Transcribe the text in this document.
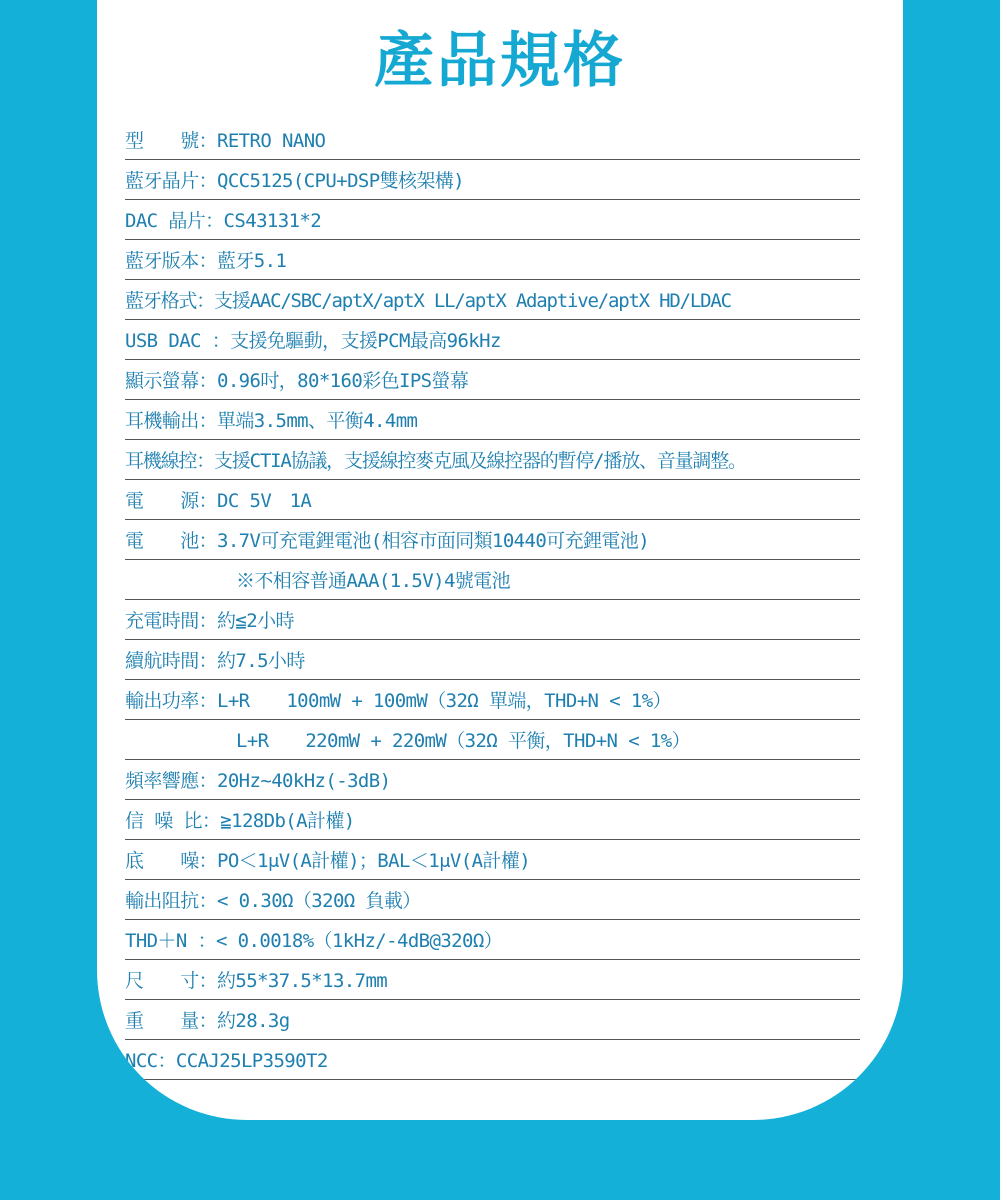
產品規格
型　　號：RETRO NANO
藍牙晶片：QCC5125(CPU+DSP雙核架構)
DAC 晶片：CS43131*2
藍牙版本：藍牙5.1
藍牙格式：支援AAC/SBC/aptX/aptX LL/aptX Adaptive/aptX HD/LDAC
USB DAC ：支援免驅動，支援PCM最高96kHz
顯示螢幕：0.96吋，80*160彩色IPS螢幕
耳機輸出：單端3.5mm、平衡4.4mm
耳機線控：支援CTIA協議，支援線控麥克風及線控器的暫停/播放、音量調整。
電　　源：DC 5V　1A
電　　池：3.7V可充電鋰電池(相容市面同類10440可充鋰電池)
※不相容普通AAA(1.5V)4號電池
充電時間：約≦2小時
續航時間：約7.5小時
輸出功率：L+R　　100mW + 100mW（32Ω 單端，THD+N < 1%）
L+R　　220mW + 220mW（32Ω 平衡，THD+N < 1%）
頻率響應：20Hz~40kHz(-3dB)
信 噪 比：≧128Db(A計權)
底　　噪：PO＜1μV(A計權)；BAL＜1μV(A計權)
輸出阻抗：< 0.30Ω（320Ω 負載）
THD＋N ：< 0.0018%（1kHz/-4dB@320Ω）
尺　　寸：約55*37.5*13.7mm
重　　量：約28.3g
NCC：CCAJ25LP3590T2
